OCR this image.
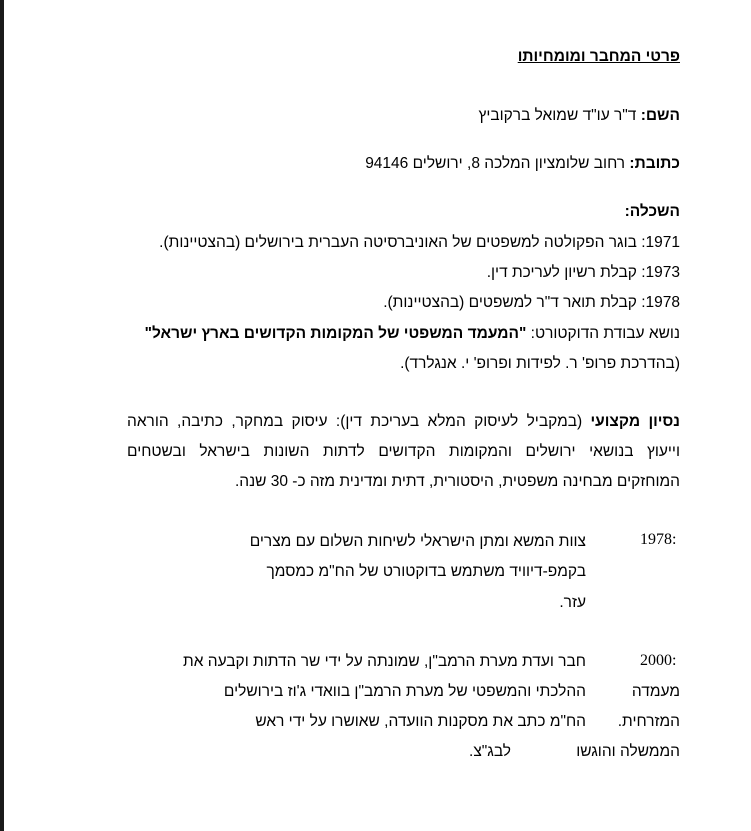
פרטי המחבר ומומחיותו
השם: ד"ר עו"ד שמואל ברקוביץ
כתובת: רחוב שלומציון המלכה 8, ירושלים 94146
השכלה:
1971: בוגר הפקולטה למשפטים של האוניברסיטה העברית בירושלים (בהצטיינות).
1973: קבלת רשיון לעריכת דין.
1978: קבלת תואר ד"ר למשפטים (בהצטיינות).
נושא עבודת הדוקטורט: "המעמד המשפטי של המקומות הקדושים בארץ ישראל"
(בהדרכת פרופ' ר. לפידות ופרופ' י. אנגלרד).
נסיון מקצועי (במקביל לעיסוק המלא בעריכת דין): עיסוק במחקר, כתיבה, הוראה
וייעוץ בנושאי ירושלים והמקומות הקדושים לדתות השונות בישראל ובשטחים
המוחזקים מבחינה משפטית, היסטורית, דתית ומדינית מזה כ- 30 שנה.
1978:
צוות המשא ומתן הישראלי לשיחות השלום עם מצרים
בקמפ-דיוויד משתמש בדוקטורט של הח"מ כמסמך
עזר.
2000:
חבר ועדת מערת הרמב"ן, שמונתה על ידי שר הדתות וקבעה את
מעמדה
ההלכתי והמשפטי של מערת הרמב"ן בוואדי ג'וז בירושלים
המזרחית.
הח"מ כתב את מסקנות הוועדה, שאושרו על ידי ראש
הממשלה והוגשו
לבג"צ.
